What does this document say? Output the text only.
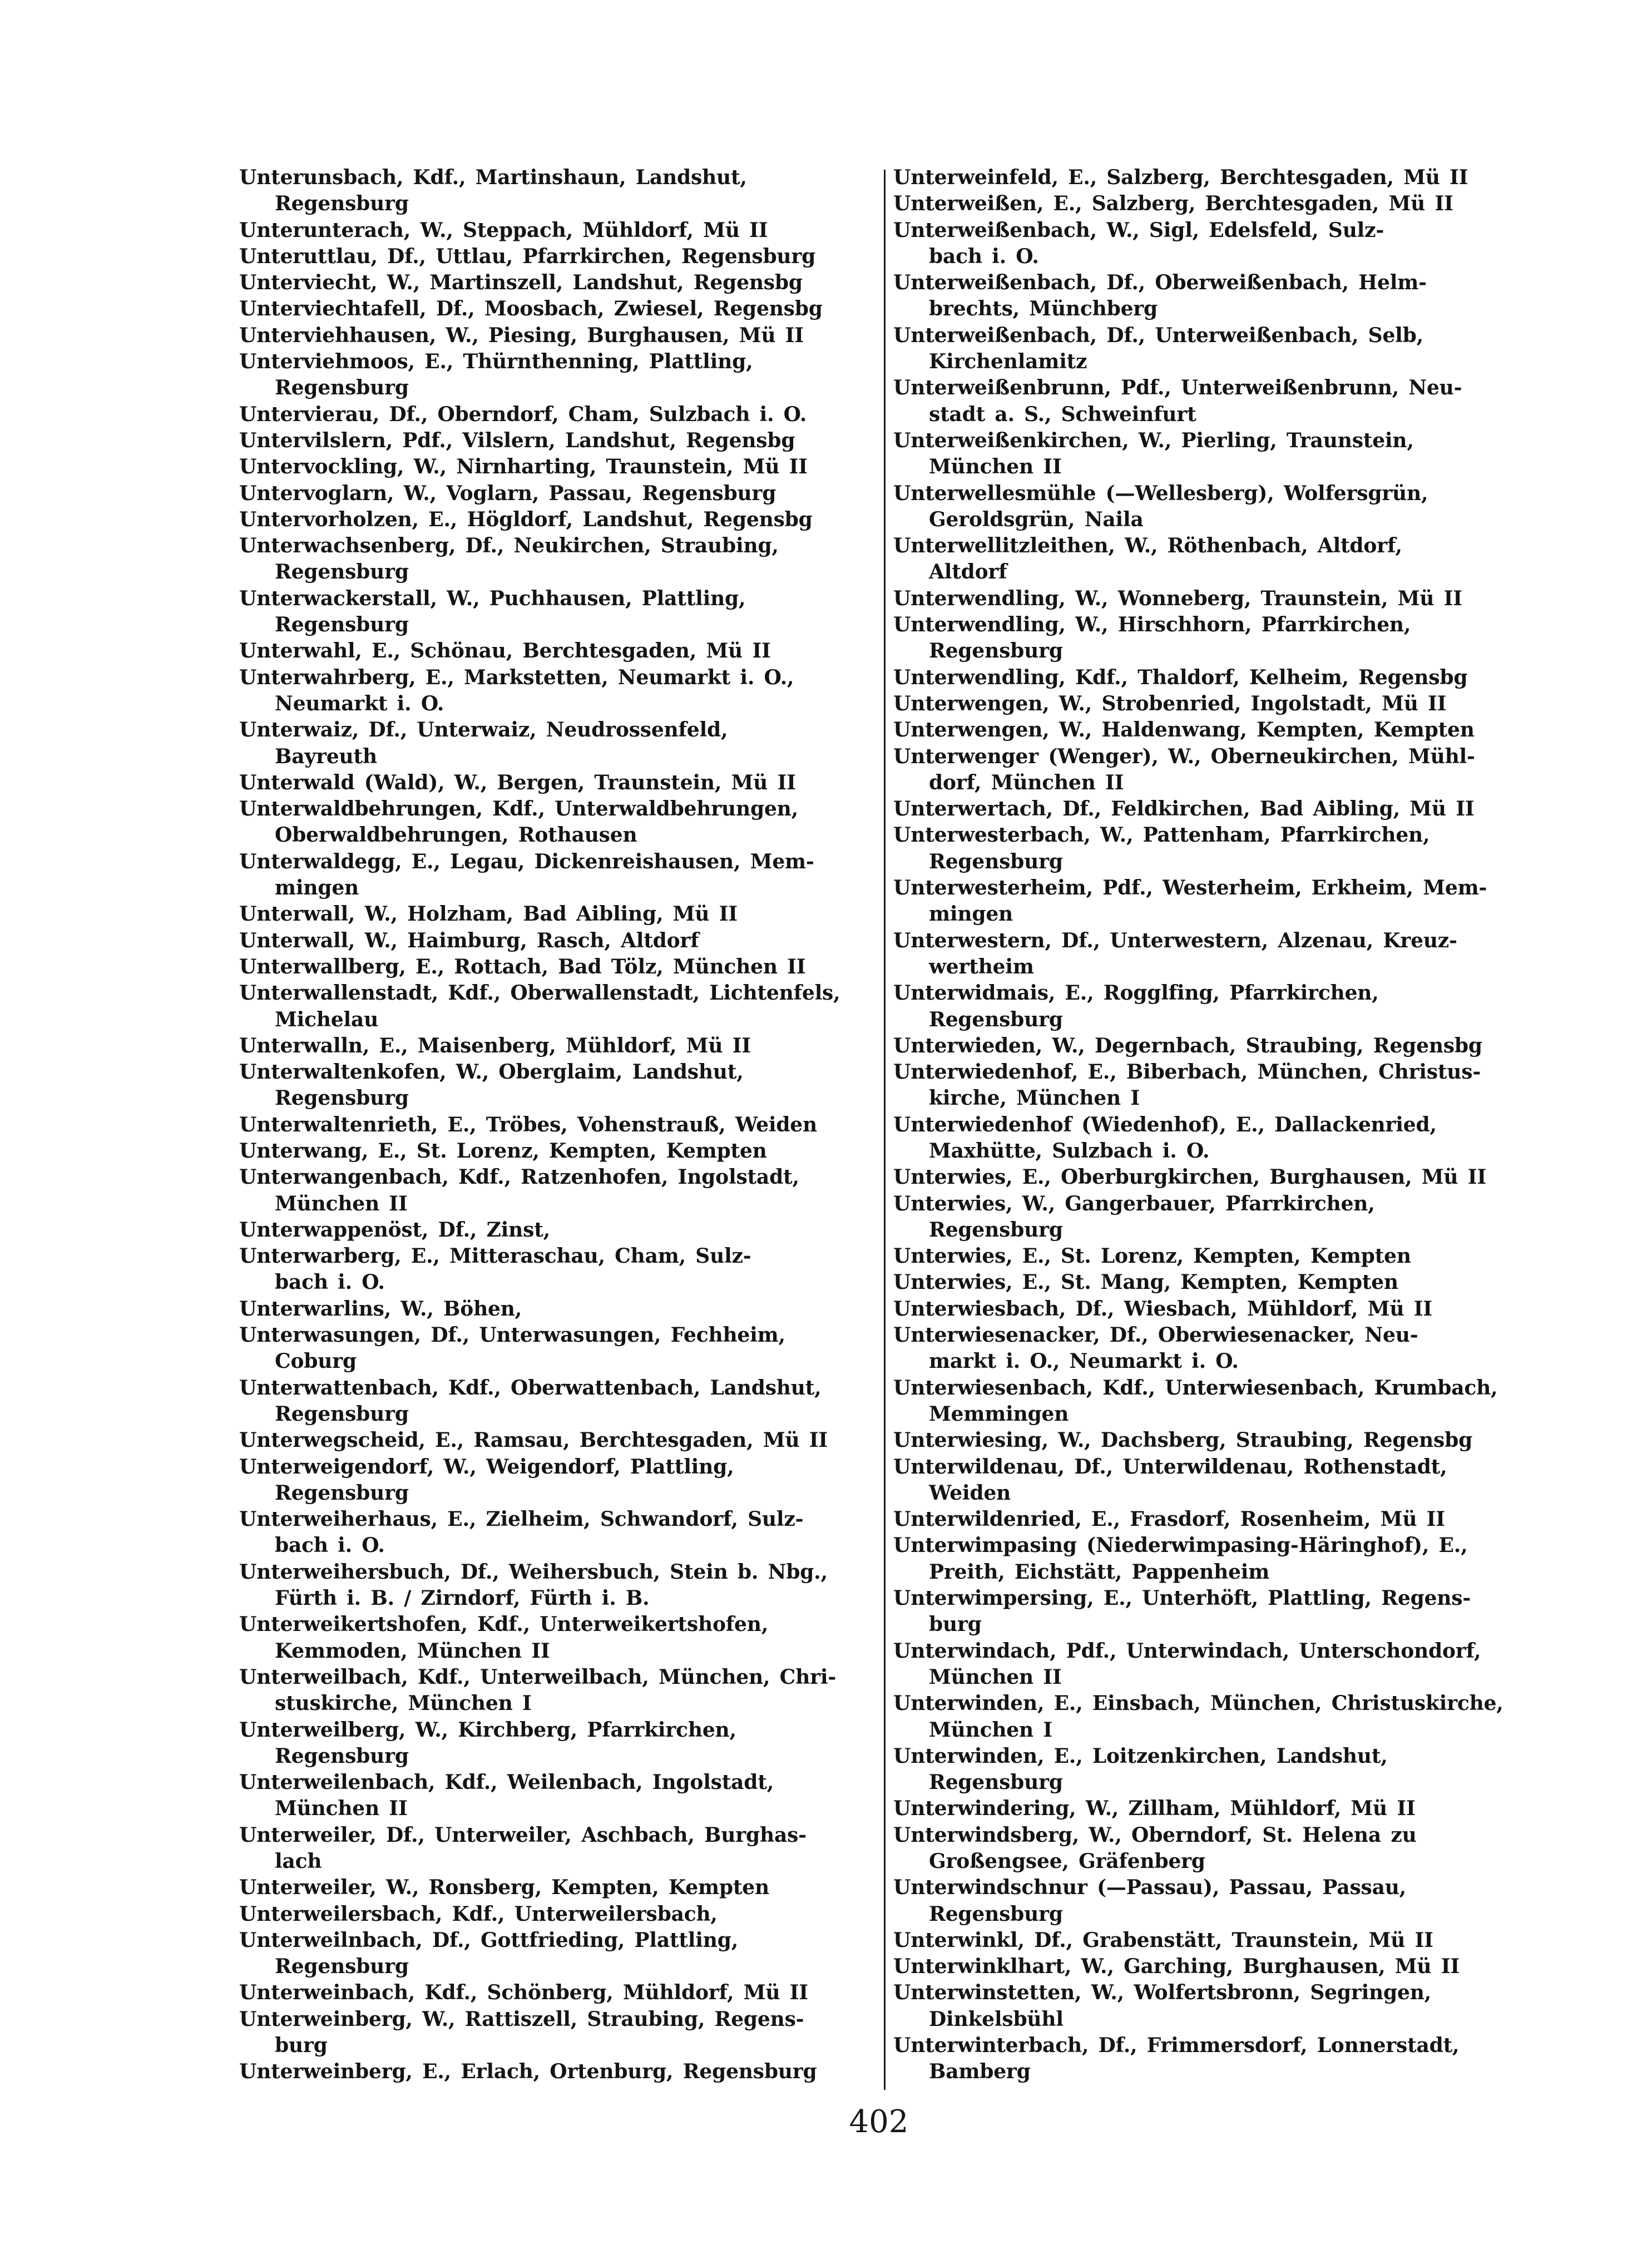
Unterunsbach, Kdf., Martinshaun, Landshut,
Regensburg
Unterunterach, W., Steppach, Mühldorf, Mü II
Unteruttlau, Df., Uttlau, Pfarrkirchen, Regensburg
Unterviecht, W., Martinszell, Landshut, Regensbg
Unterviechtafell, Df., Moosbach, Zwiesel, Regensbg
Unterviehhausen, W., Piesing, Burghausen, Mü II
Unterviehmoos, E., Thürnthenning, Plattling,
Regensburg
Untervierau, Df., Oberndorf, Cham, Sulzbach i. O.
Untervilslern, Pdf., Vilslern, Landshut, Regensbg
Untervockling, W., Nirnharting, Traunstein, Mü II
Untervoglarn, W., Voglarn, Passau, Regensburg
Untervorholzen, E., Högldorf, Landshut, Regensbg
Unterwachsenberg, Df., Neukirchen, Straubing,
Regensburg
Unterwackerstall, W., Puchhausen, Plattling,
Regensburg
Unterwahl, E., Schönau, Berchtesgaden, Mü II
Unterwahrberg, E., Markstetten, Neumarkt i. O.,
Neumarkt i. O.
Unterwaiz, Df., Unterwaiz, Neudrossenfeld,
Bayreuth
Unterwald (Wald), W., Bergen, Traunstein, Mü II
Unterwaldbehrungen, Kdf., Unterwaldbehrungen,
Oberwaldbehrungen, Rothausen
Unterwaldegg, E., Legau, Dickenreishausen, Mem-
mingen
Unterwall, W., Holzham, Bad Aibling, Mü II
Unterwall, W., Haimburg, Rasch, Altdorf
Unterwallberg, E., Rottach, Bad Tölz, München II
Unterwallenstadt, Kdf., Oberwallenstadt, Lichtenfels,
Michelau
Unterwalln, E., Maisenberg, Mühldorf, Mü II
Unterwaltenkofen, W., Oberglaim, Landshut,
Regensburg
Unterwaltenrieth, E., Tröbes, Vohenstrauß, Weiden
Unterwang, E., St. Lorenz, Kempten, Kempten
Unterwangenbach, Kdf., Ratzenhofen, Ingolstadt,
München II
Unterwappenöst, Df., Zinst,
Unterwarberg, E., Mitteraschau, Cham, Sulz-
bach i. O.
Unterwarlins, W., Böhen,
Unterwasungen, Df., Unterwasungen, Fechheim,
Coburg
Unterwattenbach, Kdf., Oberwattenbach, Landshut,
Regensburg
Unterwegscheid, E., Ramsau, Berchtesgaden, Mü II
Unterweigendorf, W., Weigendorf, Plattling,
Regensburg
Unterweiherhaus, E., Zielheim, Schwandorf, Sulz-
bach i. O.
Unterweihersbuch, Df., Weihersbuch, Stein b. Nbg.,
Fürth i. B. / Zirndorf, Fürth i. B.
Unterweikertshofen, Kdf., Unterweikertshofen,
Kemmoden, München II
Unterweilbach, Kdf., Unterweilbach, München, Chri-
stuskirche, München I
Unterweilberg, W., Kirchberg, Pfarrkirchen,
Regensburg
Unterweilenbach, Kdf., Weilenbach, Ingolstadt,
München II
Unterweiler, Df., Unterweiler, Aschbach, Burghas-
lach
Unterweiler, W., Ronsberg, Kempten, Kempten
Unterweilersbach, Kdf., Unterweilersbach,
Unterweilnbach, Df., Gottfrieding, Plattling,
Regensburg
Unterweinbach, Kdf., Schönberg, Mühldorf, Mü II
Unterweinberg, W., Rattiszell, Straubing, Regens-
burg
Unterweinberg, E., Erlach, Ortenburg, Regensburg
Unterweinfeld, E., Salzberg, Berchtesgaden, Mü II
Unterweißen, E., Salzberg, Berchtesgaden, Mü II
Unterweißenbach, W., Sigl, Edelsfeld, Sulz-
bach i. O.
Unterweißenbach, Df., Oberweißenbach, Helm-
brechts, Münchberg
Unterweißenbach, Df., Unterweißenbach, Selb,
Kirchenlamitz
Unterweißenbrunn, Pdf., Unterweißenbrunn, Neu-
stadt a. S., Schweinfurt
Unterweißenkirchen, W., Pierling, Traunstein,
München II
Unterwellesmühle (—Wellesberg), Wolfersgrün,
Geroldsgrün, Naila
Unterwellitzleithen, W., Röthenbach, Altdorf,
Altdorf
Unterwendling, W., Wonneberg, Traunstein, Mü II
Unterwendling, W., Hirschhorn, Pfarrkirchen,
Regensburg
Unterwendling, Kdf., Thaldorf, Kelheim, Regensbg
Unterwengen, W., Strobenried, Ingolstadt, Mü II
Unterwengen, W., Haldenwang, Kempten, Kempten
Unterwenger (Wenger), W., Oberneukirchen, Mühl-
dorf, München II
Unterwertach, Df., Feldkirchen, Bad Aibling, Mü II
Unterwesterbach, W., Pattenham, Pfarrkirchen,
Regensburg
Unterwesterheim, Pdf., Westerheim, Erkheim, Mem-
mingen
Unterwestern, Df., Unterwestern, Alzenau, Kreuz-
wertheim
Unterwidmais, E., Rogglfing, Pfarrkirchen,
Regensburg
Unterwieden, W., Degernbach, Straubing, Regensbg
Unterwiedenhof, E., Biberbach, München, Christus-
kirche, München I
Unterwiedenhof (Wiedenhof), E., Dallackenried,
Maxhütte, Sulzbach i. O.
Unterwies, E., Oberburgkirchen, Burghausen, Mü II
Unterwies, W., Gangerbauer, Pfarrkirchen,
Regensburg
Unterwies, E., St. Lorenz, Kempten, Kempten
Unterwies, E., St. Mang, Kempten, Kempten
Unterwiesbach, Df., Wiesbach, Mühldorf, Mü II
Unterwiesenacker, Df., Oberwiesenacker, Neu-
markt i. O., Neumarkt i. O.
Unterwiesenbach, Kdf., Unterwiesenbach, Krumbach,
Memmingen
Unterwiesing, W., Dachsberg, Straubing, Regensbg
Unterwildenau, Df., Unterwildenau, Rothenstadt,
Weiden
Unterwildenried, E., Frasdorf, Rosenheim, Mü II
Unterwimpasing (Niederwimpasing-Häringhof), E.,
Preith, Eichstätt, Pappenheim
Unterwimpersing, E., Unterhöft, Plattling, Regens-
burg
Unterwindach, Pdf., Unterwindach, Unterschondorf,
München II
Unterwinden, E., Einsbach, München, Christuskirche,
München I
Unterwinden, E., Loitzenkirchen, Landshut,
Regensburg
Unterwindering, W., Zillham, Mühldorf, Mü II
Unterwindsberg, W., Oberndorf, St. Helena zu
Großengsee, Gräfenberg
Unterwindschnur (—Passau), Passau, Passau,
Regensburg
Unterwinkl, Df., Grabenstätt, Traunstein, Mü II
Unterwinklhart, W., Garching, Burghausen, Mü II
Unterwinstetten, W., Wolfertsbronn, Segringen,
Dinkelsbühl
Unterwinterbach, Df., Frimmersdorf, Lonnerstadt,
Bamberg
402
